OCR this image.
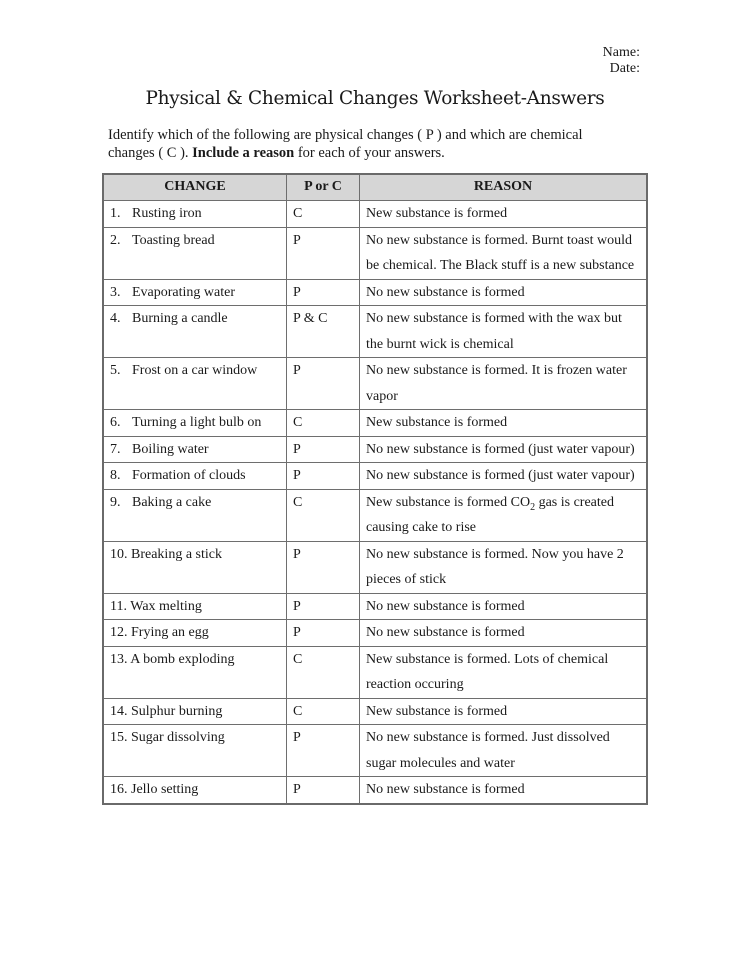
Name:
Date:
Physical & Chemical Changes Worksheet-Answers
Identify which of the following are physical changes ( P ) and which are chemical changes ( C ). Include a reason for each of your answers.
CHANGE	P or C	REASON
1. Rusting iron	C	New substance is formed
2. Toasting bread	P	No new substance is formed. Burnt toast would be chemical. The Black stuff is a new substance
3. Evaporating water	P	No new substance is formed
4. Burning a candle	P & C	No new substance is formed with the wax but the burnt wick is chemical
5. Frost on a car window	P	No new substance is formed. It is frozen water vapor
6. Turning a light bulb on	C	New substance is formed
7. Boiling water	P	No new substance is formed (just water vapour)
8. Formation of clouds	P	No new substance is formed (just water vapour)
9. Baking a cake	C	New substance is formed $CO_2$ gas is created causing cake to rise
10. Breaking a stick	P	No new substance is formed. Now you have 2 pieces of stick
11. Wax melting	P	No new substance is formed
12. Frying an egg	P	No new substance is formed
13. A bomb exploding	C	New substance is formed. Lots of chemical reaction occuring
14. Sulphur burning	C	New substance is formed
15. Sugar dissolving	P	No new substance is formed. Just dissolved sugar molecules and water
16. Jello setting	P	No new substance is formed
